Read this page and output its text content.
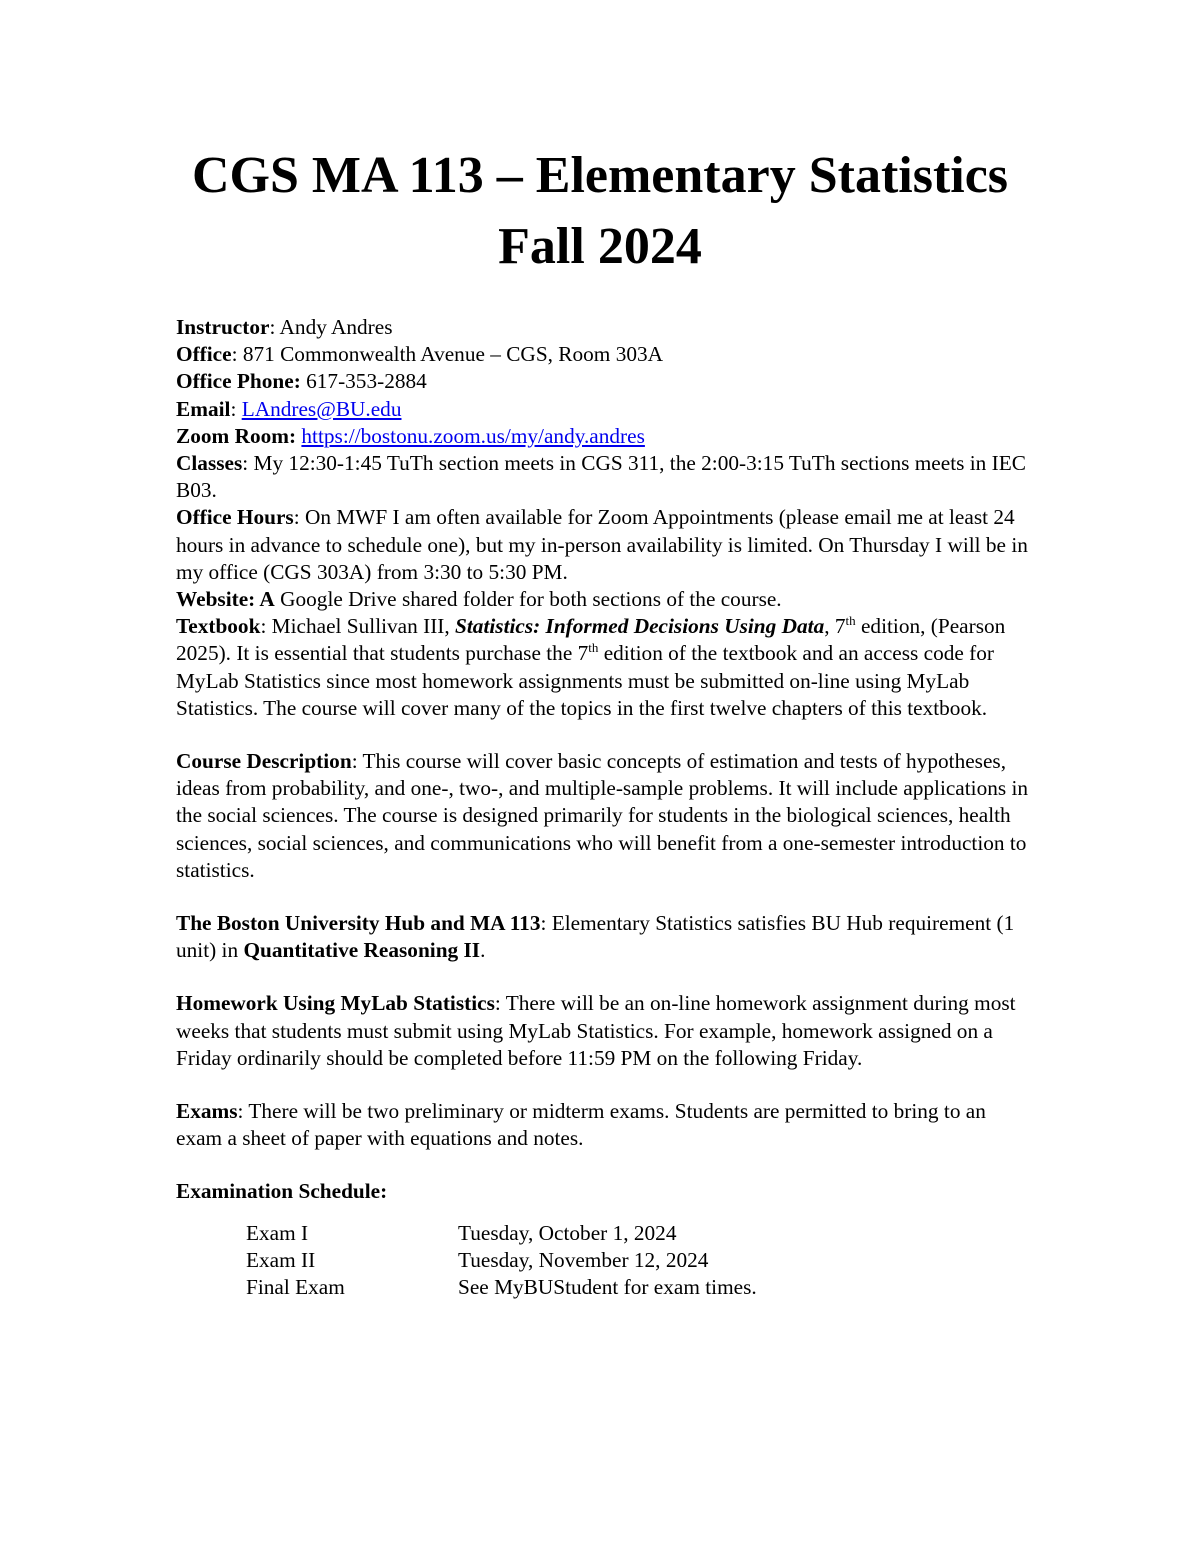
CGS MA 113 – Elementary Statistics
Fall 2024

Instructor: Andy Andres

Office: 871 Commonwealth Avenue – CGS, Room 303A

Office Phone: 617-353-2884

Email: LAndres@BU.edu

Zoom Room: https://bostonu.zoom.us/my/andy.andres

Classes: My 12:30-1:45 TuTh section meets in CGS 311, the 2:00-3:15 TuTh sections meets in IEC B03.

Office Hours: On MWF I am often available for Zoom Appointments (please email me at least 24 hours in advance to schedule one), but my in-person availability is limited. On Thursday I will be in my office (CGS 303A) from 3:30 to 5:30 PM.

Website: A Google Drive shared folder for both sections of the course.

Textbook: Michael Sullivan III, Statistics: Informed Decisions Using Data, 7th edition, (Pearson 2025). It is essential that students purchase the 7th edition of the textbook and an access code for MyLab Statistics since most homework assignments must be submitted on-line using MyLab Statistics. The course will cover many of the topics in the first twelve chapters of this textbook.

Course Description: This course will cover basic concepts of estimation and tests of hypotheses, ideas from probability, and one-, two-, and multiple-sample problems. It will include applications in the social sciences. The course is designed primarily for students in the biological sciences, health sciences, social sciences, and communications who will benefit from a one-semester introduction to statistics.

The Boston University Hub and MA 113: Elementary Statistics satisfies BU Hub requirement (1 unit) in Quantitative Reasoning II.

Homework Using MyLab Statistics: There will be an on-line homework assignment during most weeks that students must submit using MyLab Statistics. For example, homework assigned on a Friday ordinarily should be completed before 11:59 PM on the following Friday.

Exams: There will be two preliminary or midterm exams. Students are permitted to bring to an exam a sheet of paper with equations and notes.

Examination Schedule:

Exam I	Tuesday, October 1, 2024
Exam II	Tuesday, November 12, 2024
Final Exam	See MyBUStudent for exam times.
